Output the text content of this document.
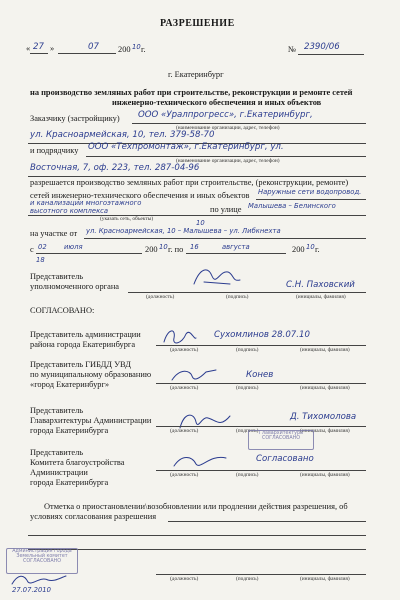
РАЗРЕШЕНИЕ
« 27 »	07 200 10 г.	№ 2390/06
г. Екатеринбург
на производство земляных работ при строительстве, реконструкции и ремонте сетей
инженерно-технического обеспечения и иных объектов
Заказчику (застройщику) ООО «Уралпрогресс», г.Екатеринбург,
(наименование организации, адрес, телефон)
ул. Красноармейская, 10, тел. 379-58-70
и подрядчику ООО «Техпромонтаж», г.Екатеринбург, ул.
(наименование организации, адрес, телефон)
Восточная, 7, оф. 223, тел. 287-04-96
разрешается производство земляных работ при строительстве, (реконструкции, ремонте)
сетей инженерно-технического обеспечения и иных объектов Наружные сети водопровод.
и канализации многоэтажного
высотного комплекса	по улице Малышева – Белинского
(указать сеть, объекты)
на участке от
10
ул. Красноармейская, 10 – Малышева – ул. Либкнехта
с 02	июля	200 10 г. по 16	августа	200 10 г.
18
Представитель
уполномоченного органа	С.Н. Паховский
(должность)	(подпись)	(инициалы, фамилия)
СОГЛАСОВАНО:
Представитель администрации
района города Екатеринбурга
Сухомлинов 28.07.10
(должность)	(подпись)	(инициалы, фамилия)
Представитель ГИБДД УВД
по муниципальному образованию
«город Екатеринбург»
Конев
(должность)	(подпись)	(инициалы, фамилия)
Представитель
Главархитектуры Администрации
города Екатеринбурга
Д. Тихомолова
(должность)	(подпись)	(инициалы, фамилия)
Главархитектура
СОГЛАСОВАНО
Представитель
Комитета благоустройства
Администрации
города Екатеринбурга
Согласовано
(должность)	(подпись)	(инициалы, фамилия)
Отметка о приостановлении\возобновлении или продлении действия разрешения, об
условиях согласования разрешения
(должность)	(подпись)	(инициалы, фамилия)
Администрация города
Земельный комитет
СОГЛАСОВАНО
27.07.2010
